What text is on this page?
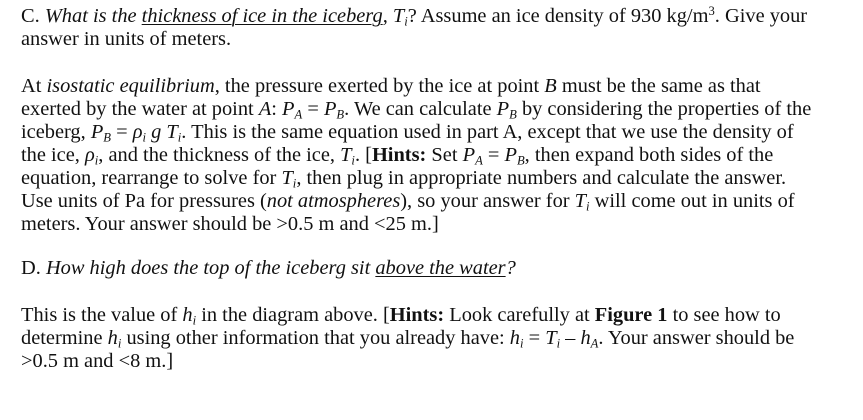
C. What is the thickness of ice in the iceberg, $T_i$? Assume an ice density of 930 $kg/m^3$. Give your
answer in units of meters.

At isostatic equilibrium, the pressure exerted by the ice at point B must be the same as that
exerted by the water at point A: $P_A = P_B$. We can calculate $P_B$ by considering the properties of the
iceberg, $P_B = \rho_i$ g $T_i$. This is the same equation used in part A, except that we use the density of
the ice, $\rho_i$, and the thickness of the ice, $T_i$. [Hints: Set $P_A = P_B$, then expand both sides of the
equation, rearrange to solve for $T_i$, then plug in appropriate numbers and calculate the answer.
Use units of Pa for pressures (not atmospheres), so your answer for $T_i$ will come out in units of
meters. Your answer should be >0.5 m and <25 m.]

D. How high does the top of the iceberg sit above the water?

This is the value of $h_i$ in the diagram above. [Hints: Look carefully at Figure 1 to see how to
determine $h_i$ using other information that you already have: $h_i = T_i - h_A$. Your answer should be
>0.5 m and <8 m.]
